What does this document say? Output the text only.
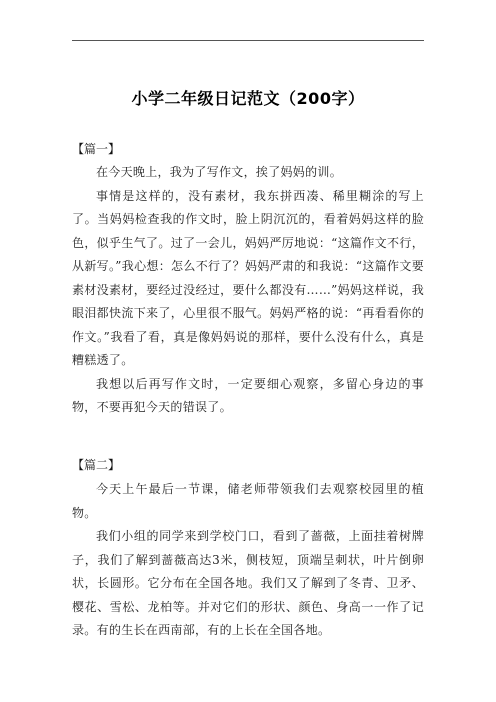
小学二年级日记范文（200字）

【篇一】

在今天晚上，我为了写作文，挨了妈妈的训。

事情是这样的，没有素材，我东拼西凑、稀里糊涂的写上了。当妈妈检查我的作文时，脸上阴沉沉的，看着妈妈这样的脸色，似乎生气了。过了一会儿，妈妈严厉地说：“这篇作文不行，从新写。”我心想：怎么不行了？妈妈严肃的和我说：“这篇作文要素材没素材，要经过没经过，要什么都没有……”妈妈这样说，我眼泪都快流下来了，心里很不服气。妈妈严格的说：“再看看你的作文。”我看了看，真是像妈妈说的那样，要什么没有什么，真是糟糕透了。

我想以后再写作文时，一定要细心观察，多留心身边的事物，不要再犯今天的错误了。

【篇二】

今天上午最后一节课，储老师带领我们去观察校园里的植物。

我们小组的同学来到学校门口，看到了蔷薇，上面挂着树牌子，我们了解到蔷薇高达3米，侧枝短，顶端呈刺状，叶片倒卵状，长圆形。它分布在全国各地。我们又了解到了冬青、卫矛、樱花、雪松、龙柏等。并对它们的形状、颜色、身高一一作了记录。有的生长在西南部，有的上长在全国各地。
